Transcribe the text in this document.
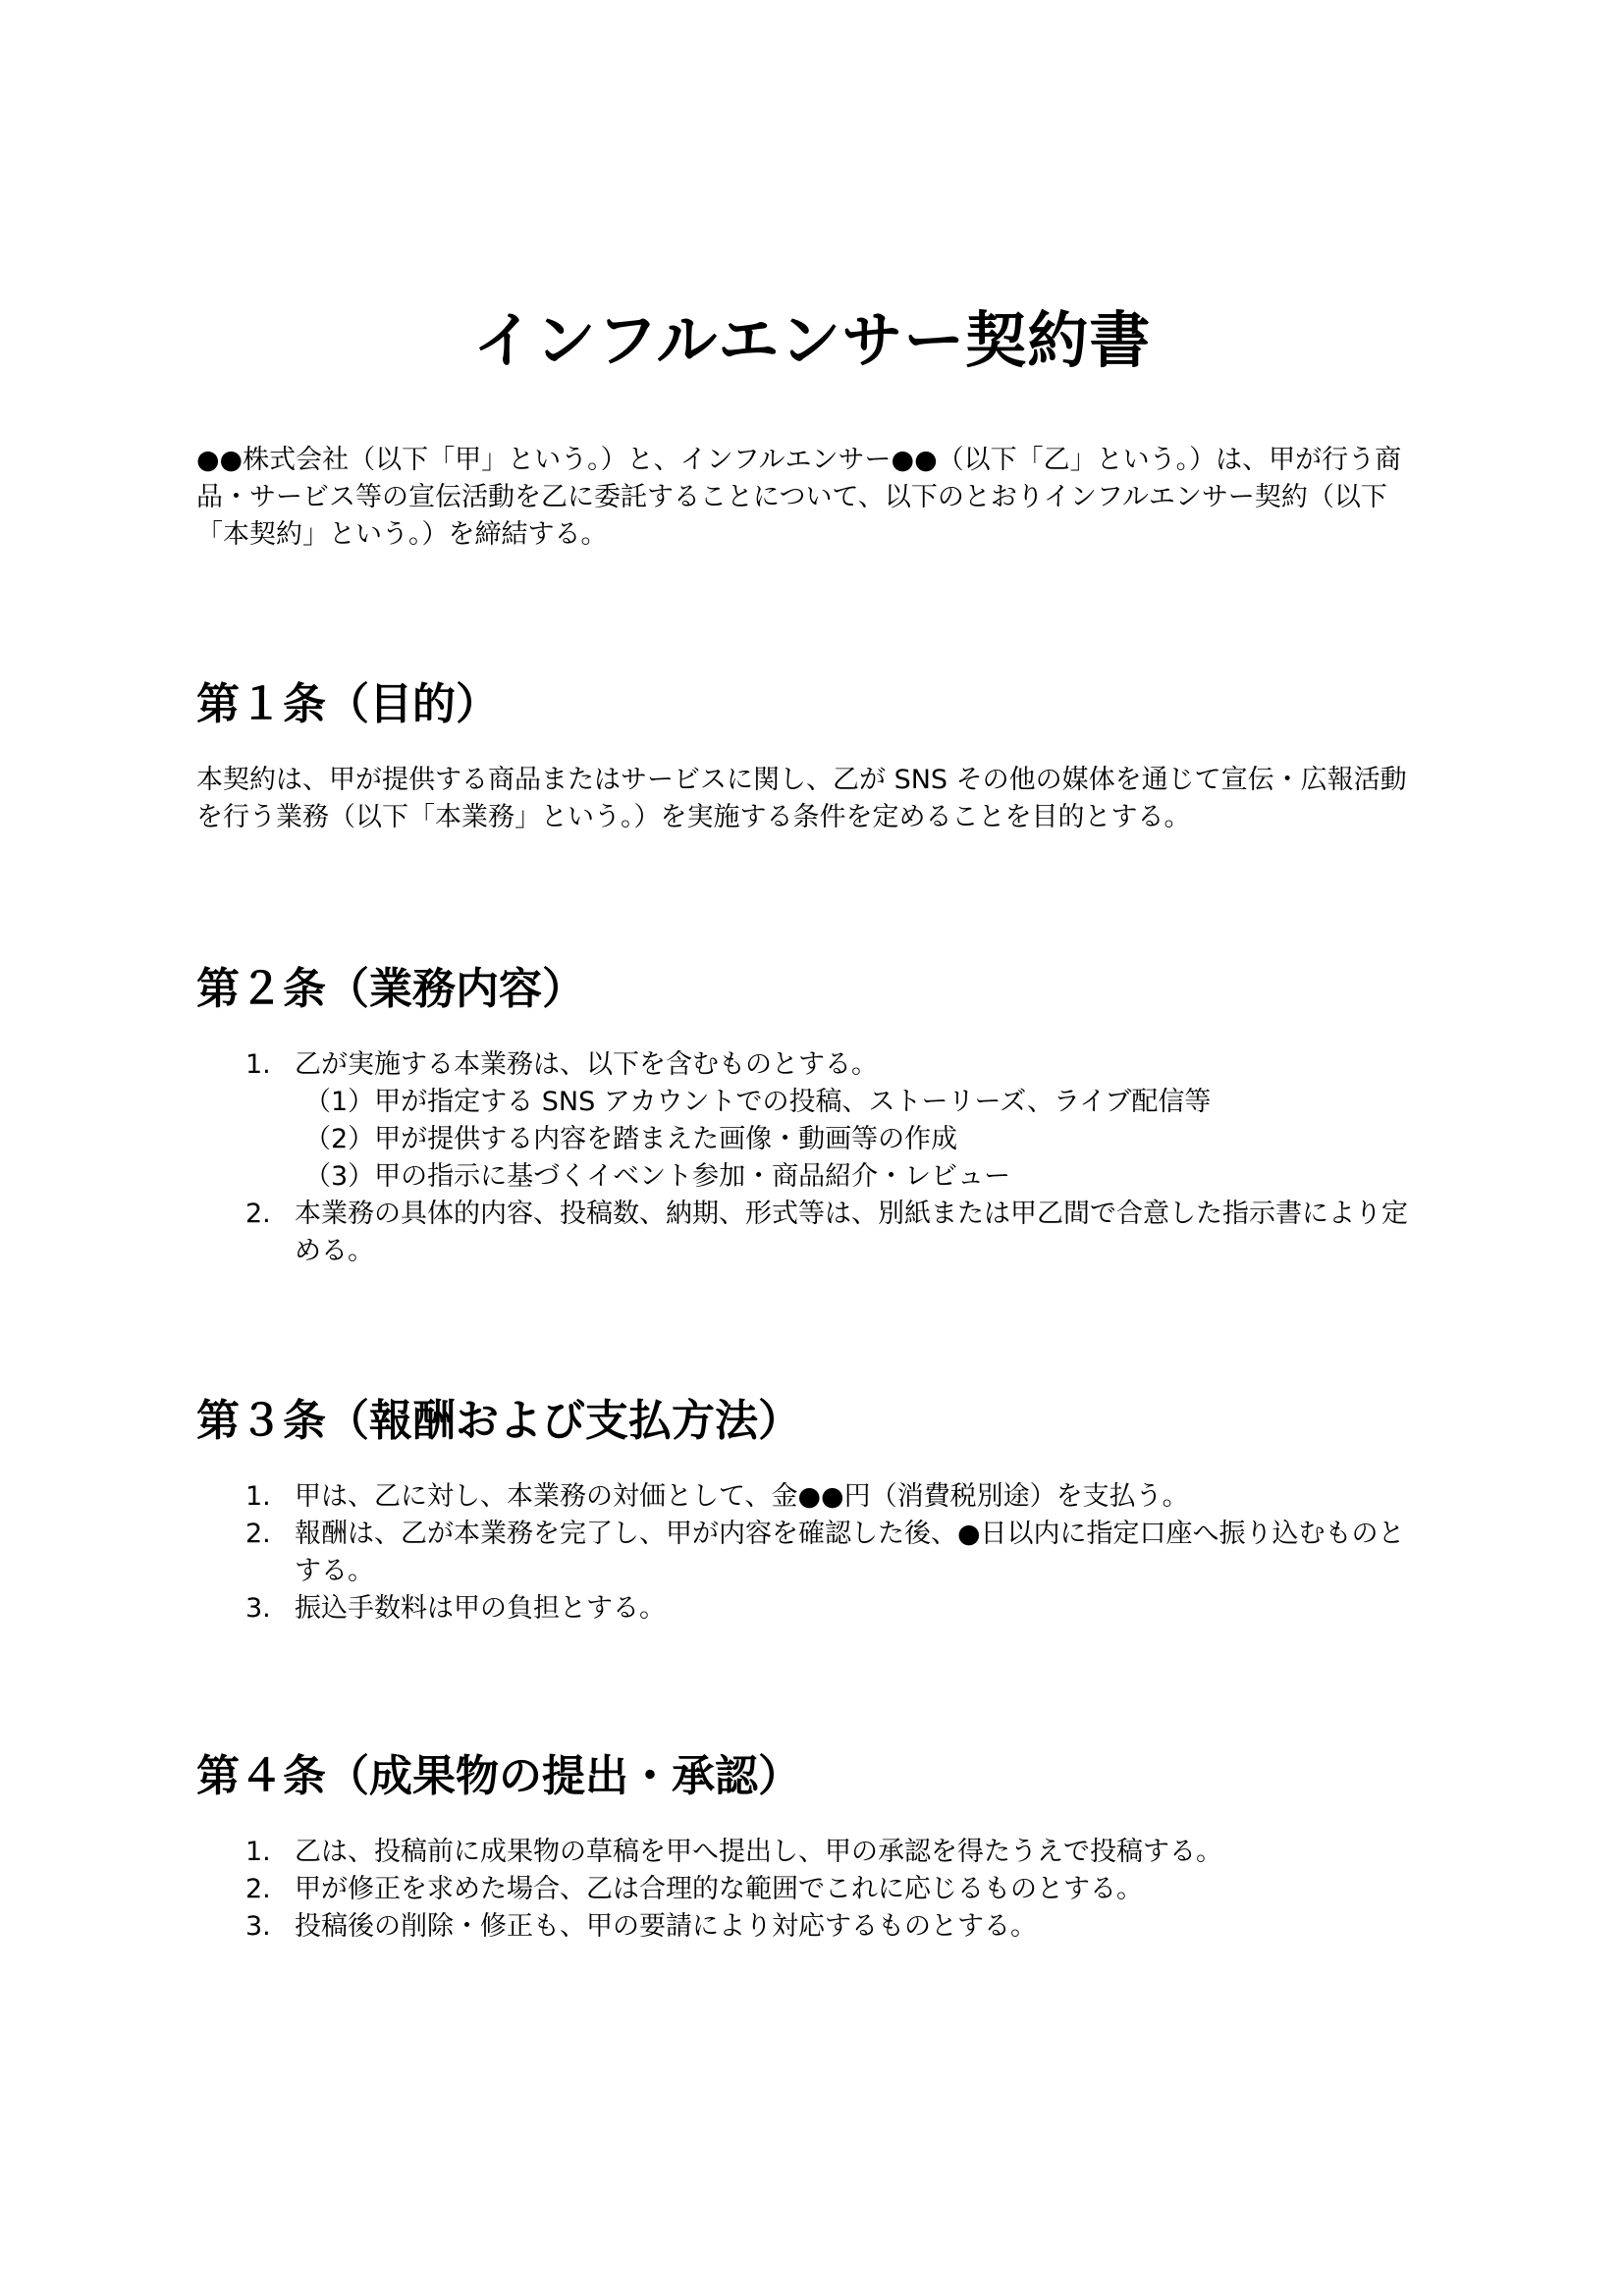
インフルエンサー契約書

●●株式会社（以下「甲」という。）と、インフルエンサー●●（以下「乙」という。）は、甲が行う商品・サービス等の宣伝活動を乙に委託することについて、以下のとおりインフルエンサー契約（以下「本契約」という。）を締結する。

第１条（目的）

本契約は、甲が提供する商品またはサービスに関し、乙が SNS その他の媒体を通じて宣伝・広報活動を行う業務（以下「本業務」という。）を実施する条件を定めることを目的とする。

第２条（業務内容）
1. 乙が実施する本業務は、以下を含むものとする。
（1）甲が指定する SNS アカウントでの投稿、ストーリーズ、ライブ配信等
（2）甲が提供する内容を踏まえた画像・動画等の作成
（3）甲の指示に基づくイベント参加・商品紹介・レビュー
2. 本業務の具体的内容、投稿数、納期、形式等は、別紙または甲乙間で合意した指示書により定める。
第３条（報酬および支払方法）
1. 甲は、乙に対し、本業務の対価として、金●●円（消費税別途）を支払う。
2. 報酬は、乙が本業務を完了し、甲が内容を確認した後、●日以内に指定口座へ振り込むものとする。
3. 振込手数料は甲の負担とする。
第４条（成果物の提出・承認）
1. 乙は、投稿前に成果物の草稿を甲へ提出し、甲の承認を得たうえで投稿する。
2. 甲が修正を求めた場合、乙は合理的な範囲でこれに応じるものとする。
3. 投稿後の削除・修正も、甲の要請により対応するものとする。
